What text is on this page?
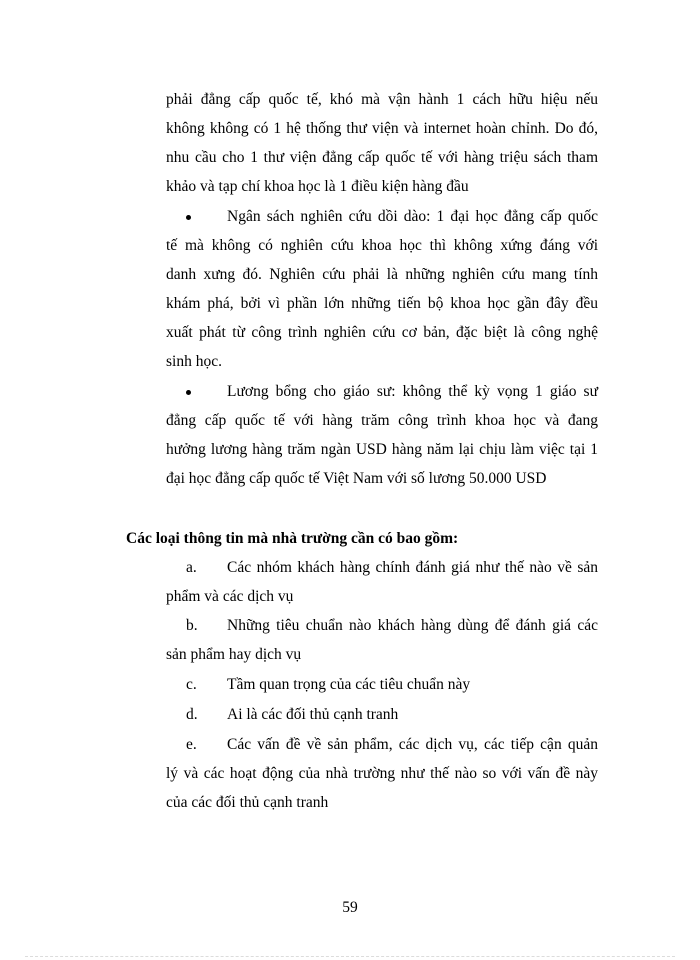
phải đẳng cấp quốc tế, khó mà vận hành 1 cách hữu hiệu nếu
không không có 1 hệ thống thư viện và internet hoàn chỉnh. Do đó,
nhu cầu cho 1 thư viện đẳng cấp quốc tế với hàng triệu sách tham
khảo và tạp chí khoa học là 1 điều kiện hàng đầu
Ngân sách nghiên cứu dồi dào: 1 đại học đẳng cấp quốc
tế mà không có nghiên cứu khoa học thì không xứng đáng với
danh xưng đó. Nghiên cứu phải là những nghiên cứu mang tính
khám phá, bởi vì phần lớn những tiến bộ khoa học gần đây đều
xuất phát từ công trình nghiên cứu cơ bản, đặc biệt là công nghệ
sinh học.
Lương bổng cho giáo sư: không thể kỳ vọng 1 giáo sư
đẳng cấp quốc tế với hàng trăm công trình khoa học và đang
hưởng lương hàng trăm ngàn USD hàng năm lại chịu làm việc tại 1
đại học đẳng cấp quốc tế Việt Nam với số lương 50.000 USD
Các loại thông tin mà nhà trường cần có bao gồm:
a. Các nhóm khách hàng chính đánh giá như thế nào về sản
phẩm và các dịch vụ
b. Những tiêu chuẩn nào khách hàng dùng để đánh giá các
sản phẩm hay dịch vụ
c. Tầm quan trọng của các tiêu chuẩn này
d. Ai là các đối thủ cạnh tranh
e. Các vấn đề về sản phẩm, các dịch vụ, các tiếp cận quản
lý và các hoạt động của nhà trường như thế nào so với vấn đề này
của các đối thủ cạnh tranh
59
